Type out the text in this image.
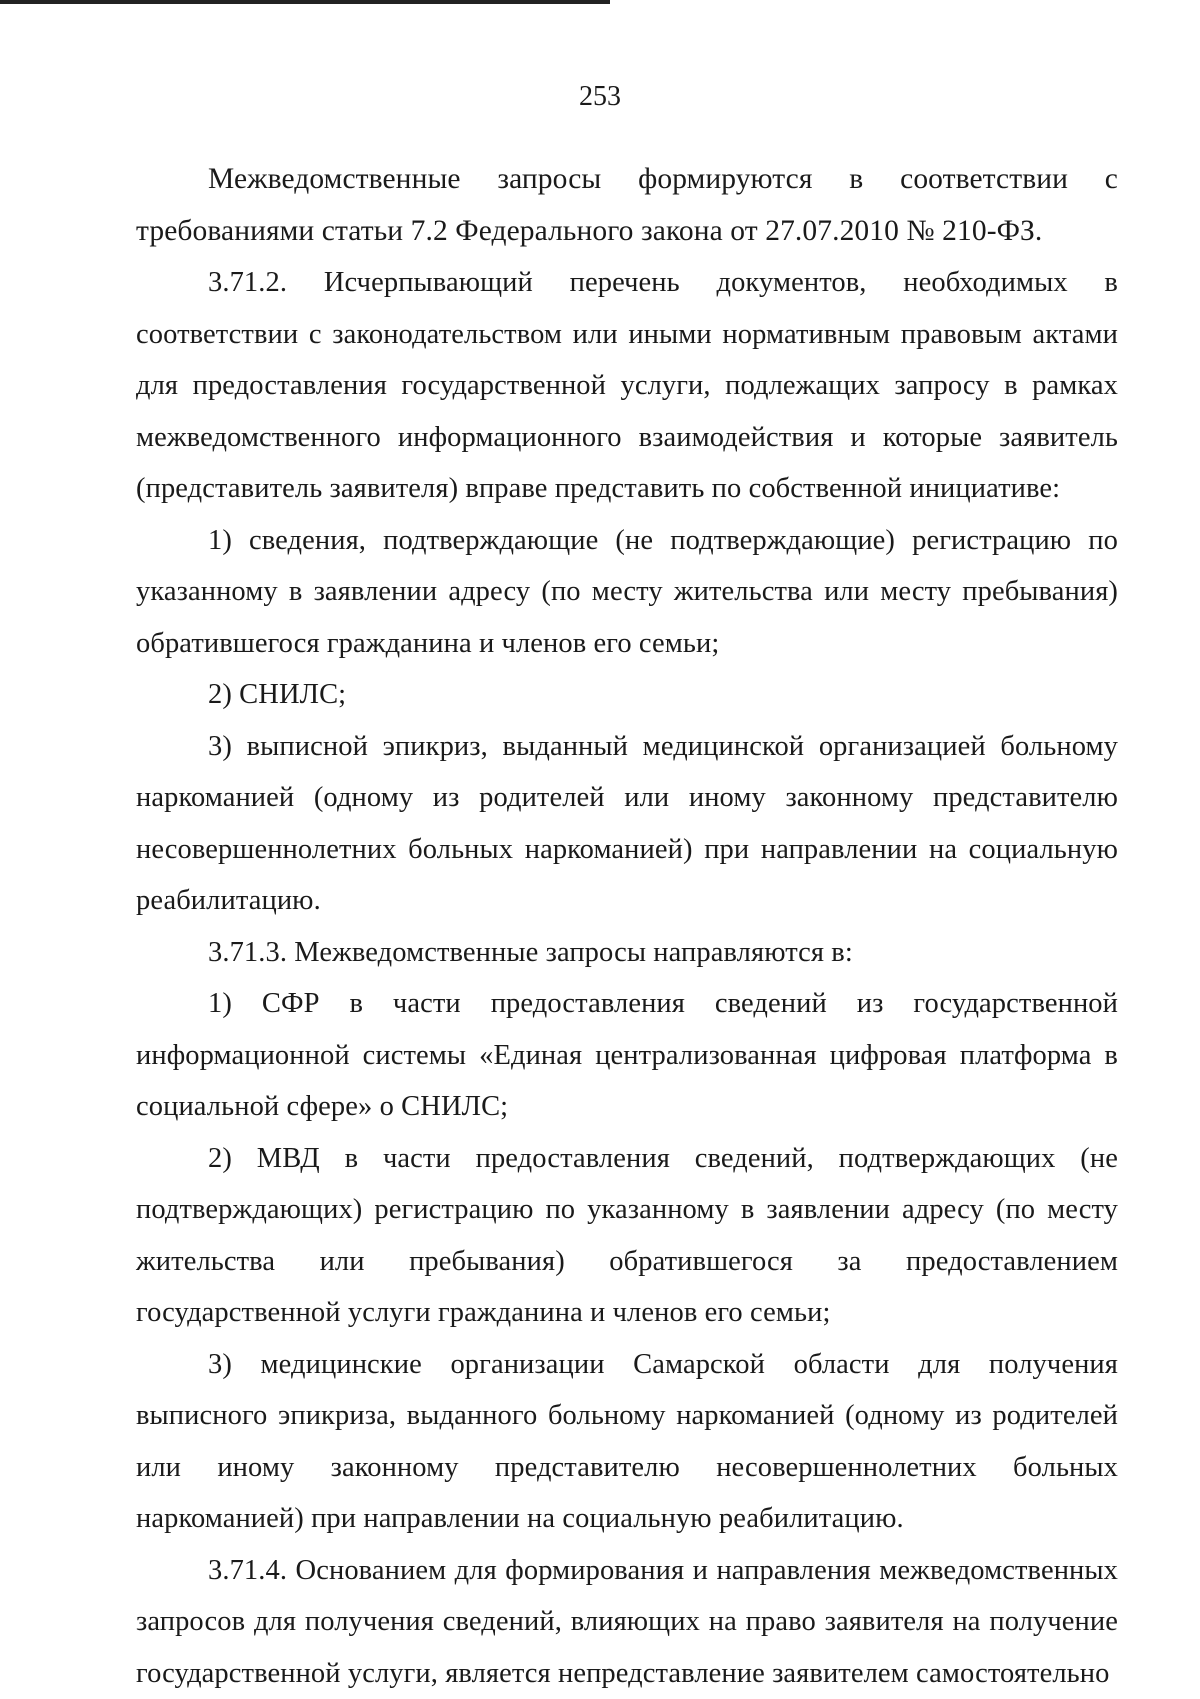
253

Межведомственные запросы формируются в соответствии с требованиями статьи 7.2 Федерального закона от 27.07.2010 № 210-ФЗ.

3.71.2. Исчерпывающий перечень документов, необходимых в соответствии с законодательством или иными нормативным правовым актами для предоставления государственной услуги, подлежащих запросу в рамках межведомственного информационного взаимодействия и которые заявитель (представитель заявителя) вправе представить по собственной инициативе:

1) сведения, подтверждающие (не подтверждающие) регистрацию по указанному в заявлении адресу (по месту жительства или месту пребывания) обратившегося гражданина и членов его семьи;

2) СНИЛС;

3) выписной эпикриз, выданный медицинской организацией больному наркоманией (одному из родителей или иному законному представителю несовершеннолетних больных наркоманией) при направлении на социальную реабилитацию.

3.71.3. Межведомственные запросы направляются в:

1) СФР в части предоставления сведений из государственной информационной системы «Единая централизованная цифровая платформа в социальной сфере» о СНИЛС;

2) МВД в части предоставления сведений, подтверждающих (не подтверждающих) регистрацию по указанному в заявлении адресу (по месту жительства или пребывания) обратившегося за предоставлением государственной услуги гражданина и членов его семьи;

3) медицинские организации Самарской области для получения выписного эпикриза, выданного больному наркоманией (одному из родителей или иному законному представителю несовершеннолетних больных наркоманией) при направлении на социальную реабилитацию.

3.71.4. Основанием для формирования и направления межведомственных запросов для получения сведений, влияющих на право заявителя на получение государственной услуги, является непредставление заявителем самостоятельно
